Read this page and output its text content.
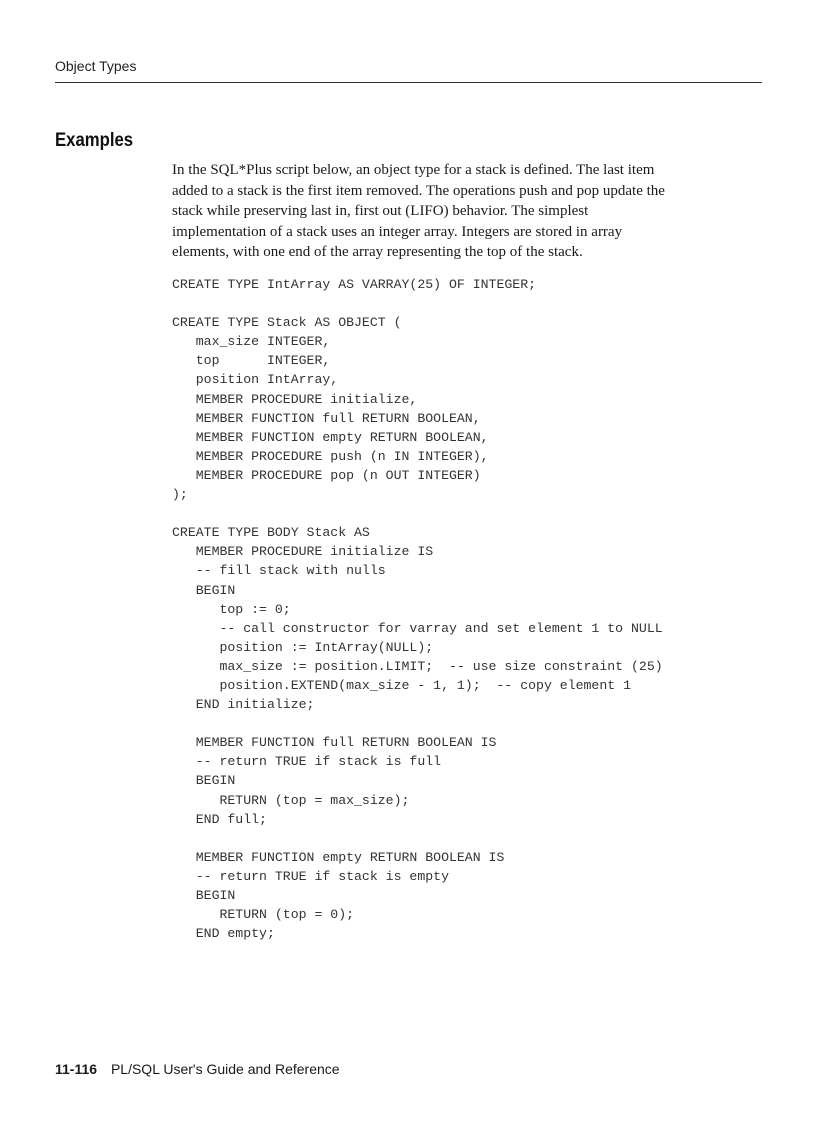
Object Types
Examples

In the SQL*Plus script below, an object type for a stack is defined. The last item
added to a stack is the first item removed. The operations push and pop update the
stack while preserving last in, first out (LIFO) behavior. The simplest
implementation of a stack uses an integer array. Integers are stored in array
elements, with one end of the array representing the top of the stack.

CREATE TYPE IntArray AS VARRAY(25) OF INTEGER;
CREATE TYPE Stack AS OBJECT (
max_size INTEGER,
top      INTEGER,
position IntArray,
MEMBER PROCEDURE initialize,
MEMBER FUNCTION full RETURN BOOLEAN,
MEMBER FUNCTION empty RETURN BOOLEAN,
MEMBER PROCEDURE push (n IN INTEGER),
MEMBER PROCEDURE pop (n OUT INTEGER)
);
CREATE TYPE BODY Stack AS
MEMBER PROCEDURE initialize IS
-- fill stack with nulls
BEGIN
top := 0;
-- call constructor for varray and set element 1 to NULL
position := IntArray(NULL);
max_size := position.LIMIT;  -- use size constraint (25)
position.EXTEND(max_size - 1, 1);  -- copy element 1
END initialize;
MEMBER FUNCTION full RETURN BOOLEAN IS
-- return TRUE if stack is full
BEGIN
RETURN (top = max_size);
END full;
MEMBER FUNCTION empty RETURN BOOLEAN IS
-- return TRUE if stack is empty
BEGIN
RETURN (top = 0);
END empty;
11-116 PL/SQL User's Guide and Reference
